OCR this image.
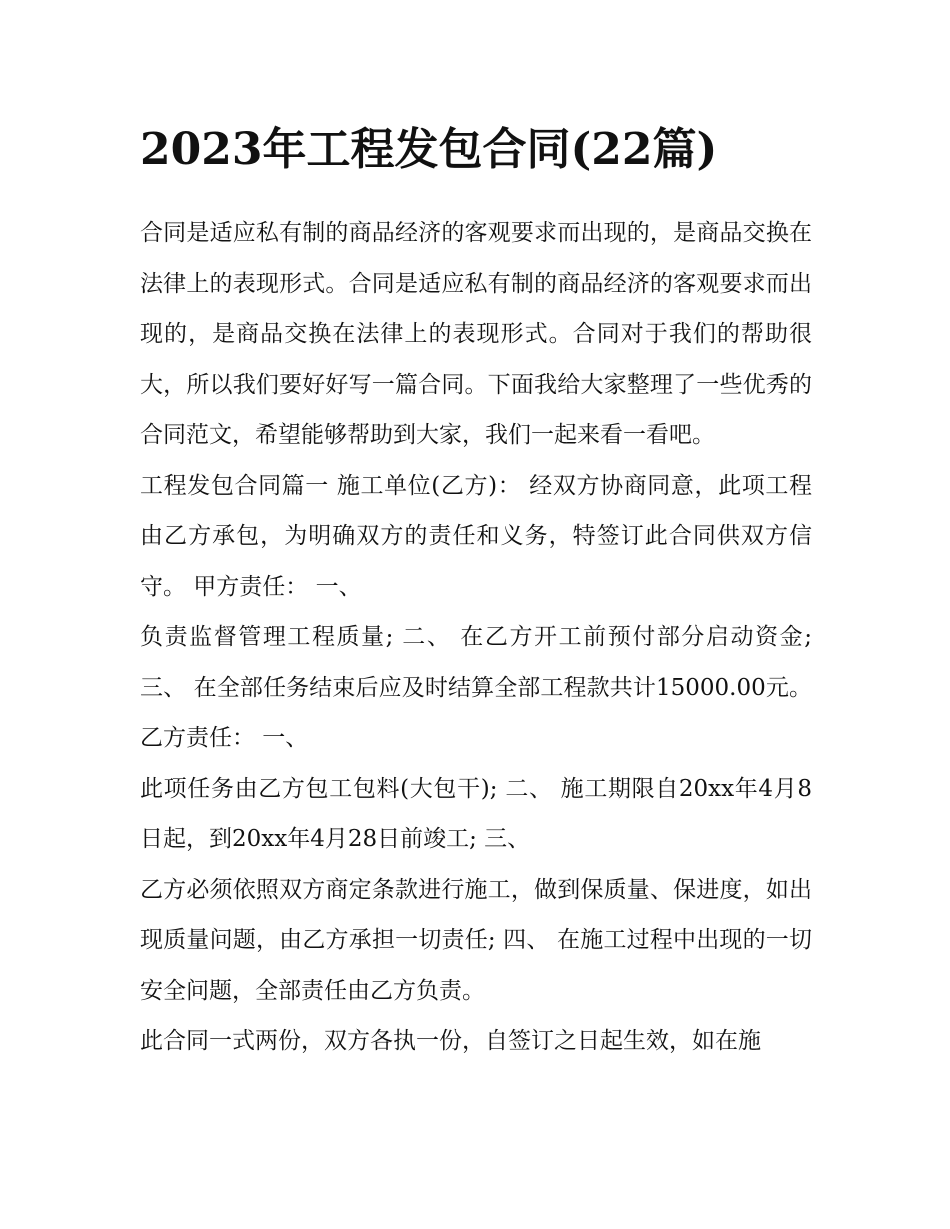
2023年工程发包合同(22篇)

合同是适应私有制的商品经济的客观要求而出现的，是商品交换在法律上的表现形式。合同是适应私有制的商品经济的客观要求而出现的，是商品交换在法律上的表现形式。合同对于我们的帮助很大，所以我们要好好写一篇合同。下面我给大家整理了一些优秀的合同范文，希望能够帮助到大家，我们一起来看一看吧。

工程发包合同篇一 施工单位(乙方)： 经双方协商同意，此项工程由乙方承包，为明确双方的责任和义务，特签订此合同供双方信守。 甲方责任： 一、

负责监督管理工程质量; 二、 在乙方开工前预付部分启动资金; 三、 在全部任务结束后应及时结算全部工程款共计15000.00元。 乙方责任： 一、

此项任务由乙方包工包料(大包干); 二、 施工期限自20xx年4月8日起，到20xx年4月28日前竣工; 三、

乙方必须依照双方商定条款进行施工，做到保质量、保进度，如出现质量问题，由乙方承担一切责任; 四、 在施工过程中出现的一切安全问题，全部责任由乙方负责。

此合同一式两份，双方各执一份，自签订之日起生效，如在施
